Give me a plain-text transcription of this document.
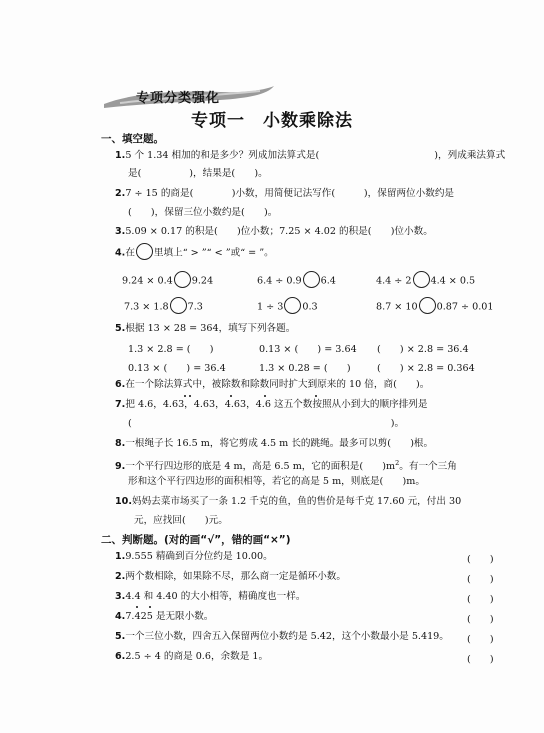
专项分类强化
专项一　小数乘除法
一、填空题。
1.5 个 1.34 相加的和是多少？列成加法算式是(　　　　　　　　　　　　)，列成乘法算式
是(　　　　　)，结果是(　　)。
2.7 ÷ 15 的商是(　　　　)小数，用简便记法写作(　　　)，保留两位小数约是
(　　)，保留三位小数约是(　　)。
3.5.09 × 0.17 的积是(　　)位小数；7.25 × 4.02 的积是(　　)位小数。
4.在 里填上“ > ”“ < ”或“ = ”。
9.24 × 0.4 9.24	6.4 ÷ 0.9 6.4	4.4 ÷ 2 4.4 × 0.5
7.3 × 1.8 7.3	1 ÷ 3 0.3	8.7 × 10 0.87 ÷ 0.01
5.根据 13 × 28 = 364，填写下列各题。
1.3 × 2.8 = (　　)	0.13 × (　　) = 3.64 (　　) × 2.8 = 36.4
0.13 × (　　) = 36.4	1.3 × 0.28 = (　　)	(　　) × 2.8 = 0.364
6.在一个除法算式中，被除数和除数同时扩大到原来的 10 倍，商(　　)。
7.把 4.6，4.63，4.63，4.63，4.6 这五个数按照从小到大的顺序排列是
(　　　　　　　　　　　　　　　　　　　　　　　　　　　)。
8.一根绳子长 16.5 m，将它剪成 4.5 m 长的跳绳。最多可以剪(　　)根。
9.一个平行四边形的底是 4 m，高是 6.5 m，它的面积是(　　)$m^2$。有一个三角
形和这个平行四边形的面积相等，若它的高是 5 m，则底是(　　)m。
10.妈妈去菜市场买了一条 1.2 千克的鱼，鱼的售价是每千克 17.60 元，付出 30
元，应找回(　　)元。
二、判断题。(对的画“√”，错的画“×”)
1.9.555 精确到百分位约是 10.00。	(　　)
2.两个数相除，如果除不尽，那么商一定是循环小数。	(　　)
3.4.4 和 4.40 的大小相等，精确度也一样。	(　　)
4.7.425 是无限小数。	(　　)
5.一个三位小数，四舍五入保留两位小数约是 5.42，这个小数最小是 5.419。 (　　)
6.2.5 ÷ 4 的商是 0.6，余数是 1。	(　　)
